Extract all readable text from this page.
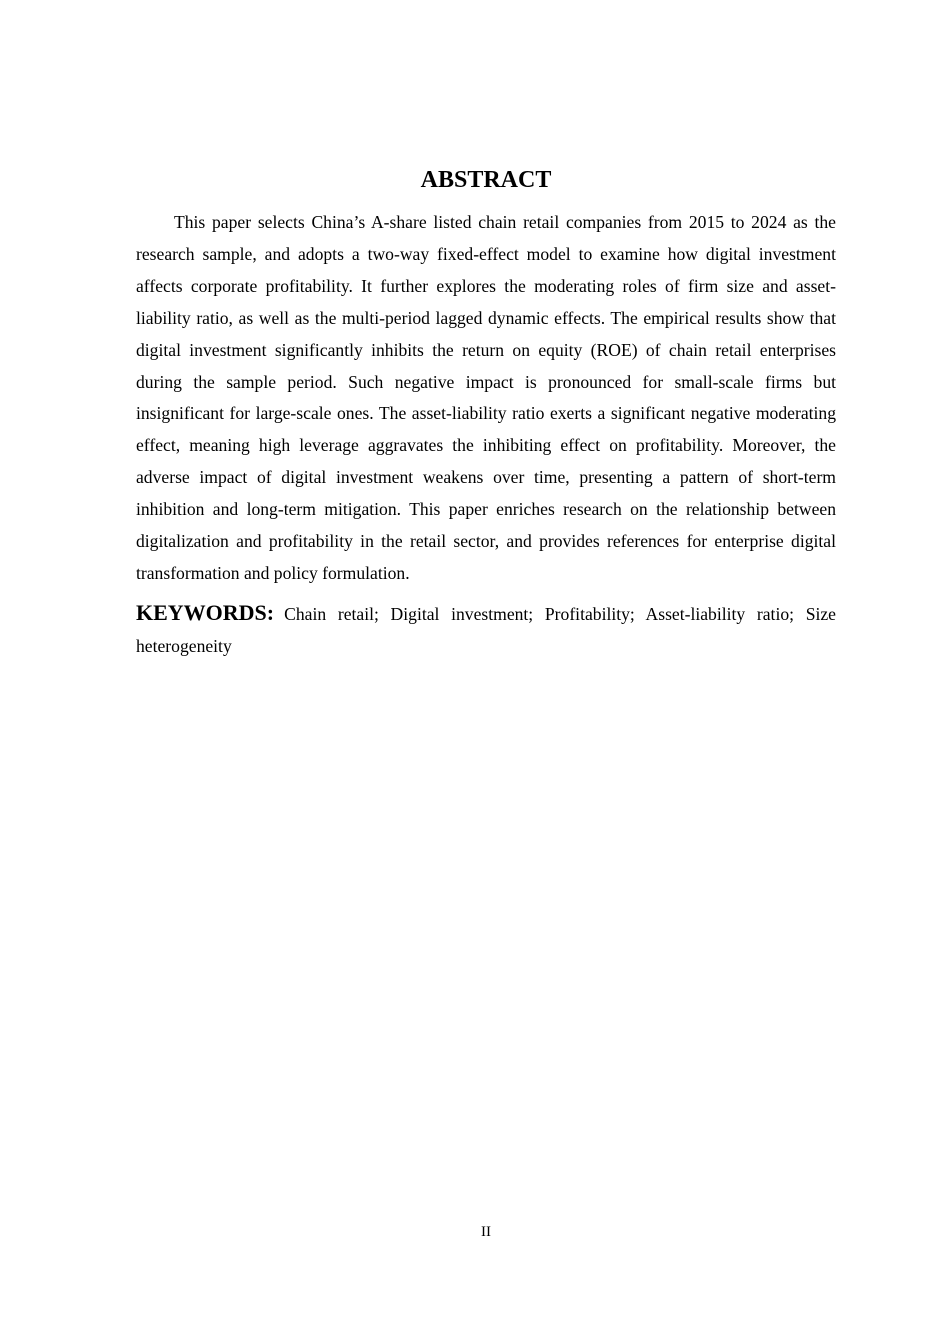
ABSTRACT

This paper selects China’s A-share listed chain retail companies from 2015 to 2024 as the research sample, and adopts a two-way fixed-effect model to examine how digital investment affects corporate profitability. It further explores the moderating roles of firm size and asset-liability ratio, as well as the multi-period lagged dynamic effects. The empirical results show that digital investment significantly inhibits the return on equity (ROE) of chain retail enterprises during the sample period. Such negative impact is pronounced for small-scale firms but insignificant for large-scale ones. The asset-liability ratio exerts a significant negative moderating effect, meaning high leverage aggravates the inhibiting effect on profitability. Moreover, the adverse impact of digital investment weakens over time, presenting a pattern of short-term inhibition and long-term mitigation. This paper enriches research on the relationship between digitalization and profitability in the retail sector, and provides references for enterprise digital transformation and policy formulation.

KEYWORDS: Chain retail; Digital investment; Profitability; Asset-liability ratio; Size heterogeneity

II
